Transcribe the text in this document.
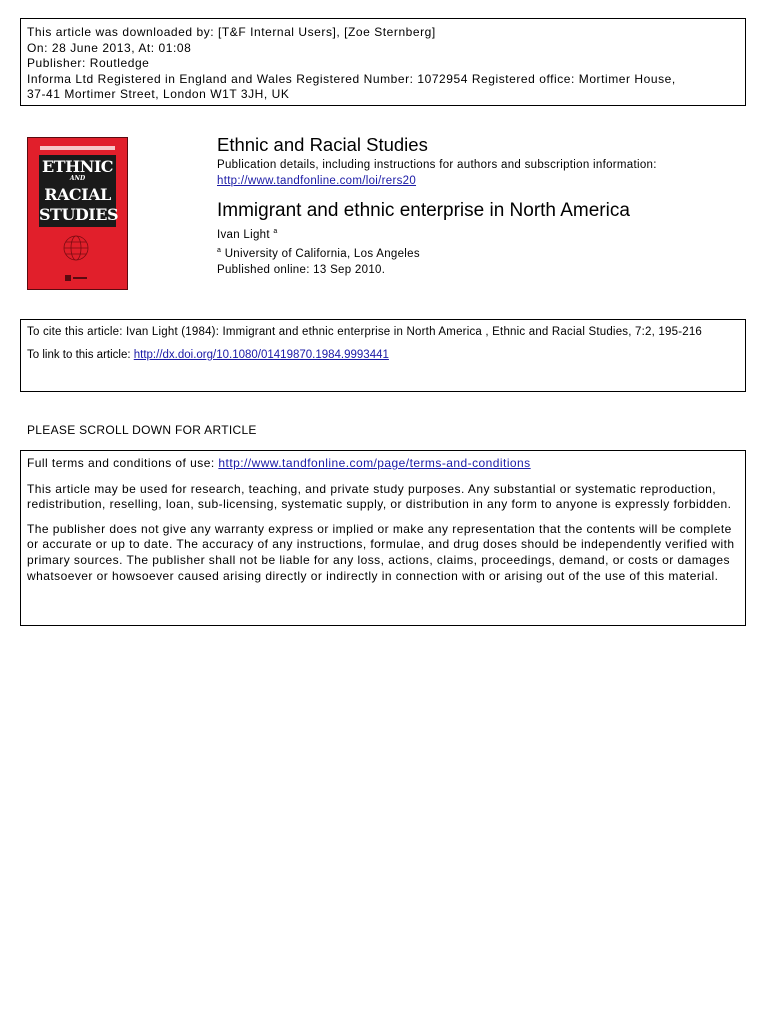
This article was downloaded by: [T&F Internal Users], [Zoe Sternberg]
On: 28 June 2013, At: 01:08
Publisher: Routledge
Informa Ltd Registered in England and Wales Registered Number: 1072954 Registered office: Mortimer House,
37-41 Mortimer Street, London W1T 3JH, UK
ETHNIC
AND
RACIAL
STUDIES
Ethnic and Racial Studies
Publication details, including instructions for authors and subscription information:
http://www.tandfonline.com/loi/rers20
Immigrant and ethnic enterprise in North America
Ivan Light $^a$
$^a$ University of California, Los Angeles
Published online: 13 Sep 2010.
To cite this article: Ivan Light (1984): Immigrant and ethnic enterprise in North America , Ethnic and Racial Studies, 7:2, 195-216
To link to this article: http://dx.doi.org/10.1080/01419870.1984.9993441
PLEASE SCROLL DOWN FOR ARTICLE

Full terms and conditions of use: http://www.tandfonline.com/page/terms-and-conditions

This article may be used for research, teaching, and private study purposes. Any substantial or systematic reproduction, redistribution, reselling, loan, sub-licensing, systematic supply, or distribution in any form to anyone is expressly forbidden.

The publisher does not give any warranty express or implied or make any representation that the contents will be complete or accurate or up to date. The accuracy of any instructions, formulae, and drug doses should be independently verified with primary sources. The publisher shall not be liable for any loss, actions, claims, proceedings, demand, or costs or damages whatsoever or howsoever caused arising directly or indirectly in connection with or arising out of the use of this material.
